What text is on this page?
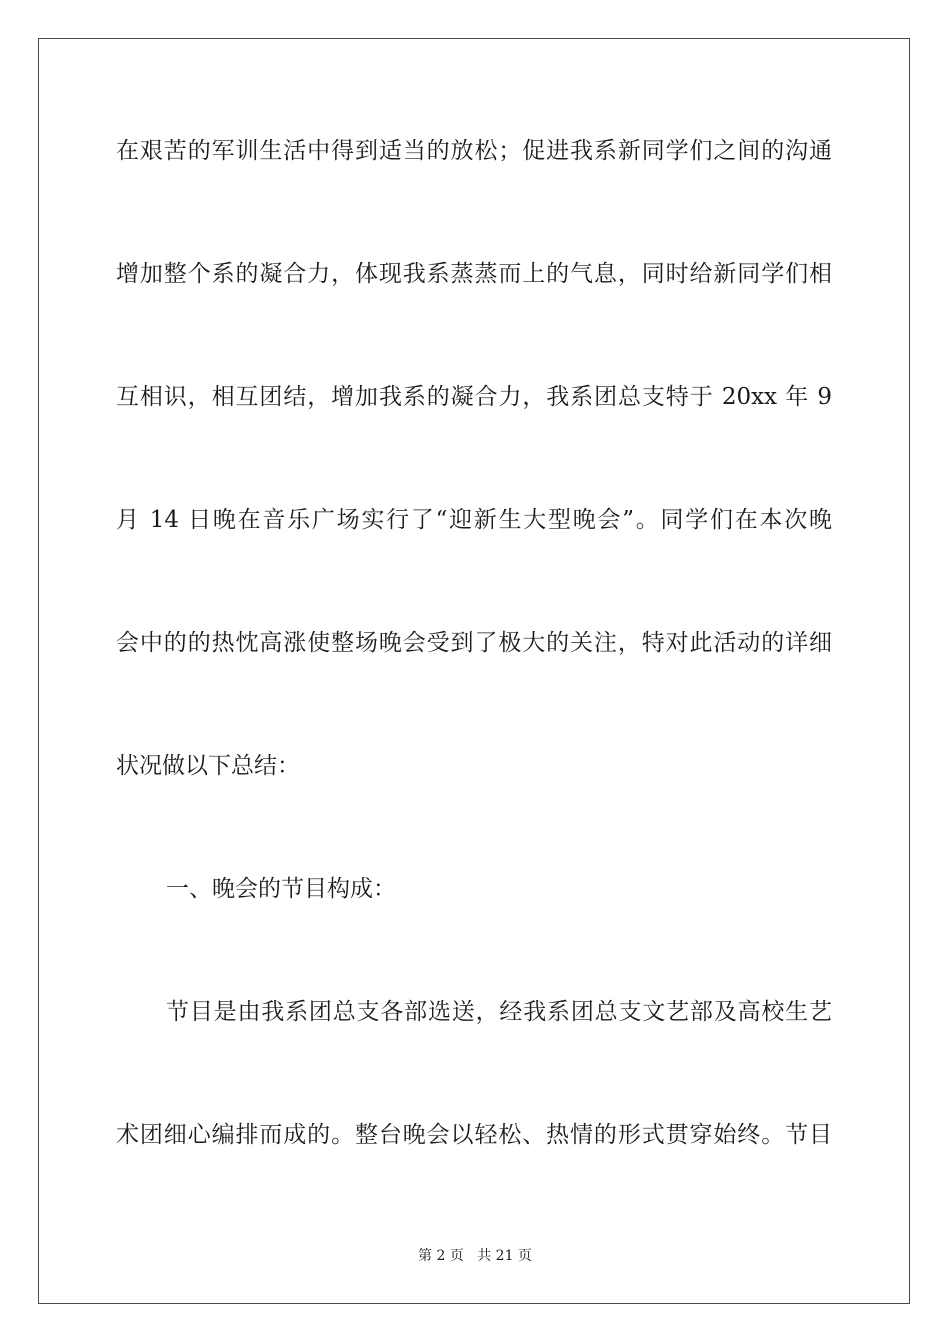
在艰苦的军训生活中得到适当的放松；促进我系新同学们之间的沟通
增加整个系的凝合力，体现我系蒸蒸而上的气息，同时给新同学们相
互相识，相互团结，增加我系的凝合力，我系团总支特于 20xx 年 9
月 14 日晚在音乐广场实行了“迎新生大型晚会”。同学们在本次晚
会中的的热忱高涨使整场晚会受到了极大的关注，特对此活动的详细
状况做以下总结：
一、晚会的节目构成：
节目是由我系团总支各部选送，经我系团总支文艺部及高校生艺
术团细心编排而成的。整台晚会以轻松、热情的形式贯穿始终。节目
第 2 页 共 21 页
